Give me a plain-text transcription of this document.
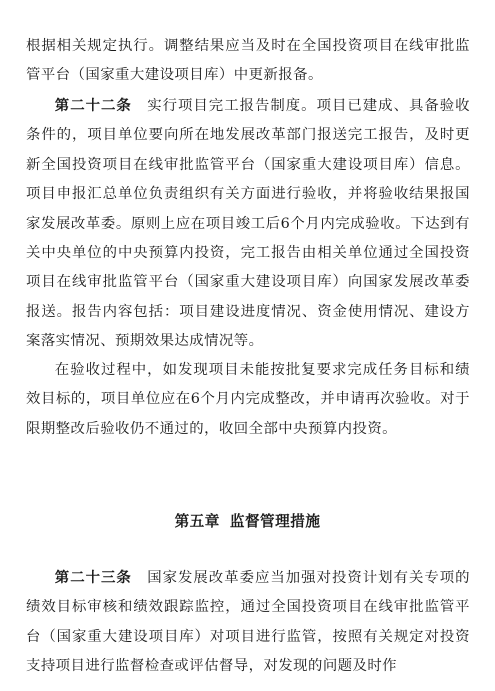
根据相关规定执行。调整结果应当及时在全国投资项目在线审批监管平台（国家重大建设项目库）中更新报备。

第二十二条　 实行项目完工报告制度。项目已建成、具备验收条件的，项目单位要向所在地发展改革部门报送完工报告，及时更新全国投资项目在线审批监管平台（国家重大建设项目库）信息。项目申报汇总单位负责组织有关方面进行验收，并将验收结果报国家发展改革委。原则上应在项目竣工后6个月内完成验收。下达到有关中央单位的中央预算内投资，完工报告由相关单位通过全国投资项目在线审批监管平台（国家重大建设项目库）向国家发展改革委报送。报告内容包括：项目建设进度情况、资金使用情况、建设方案落实情况、预期效果达成情况等。

在验收过程中，如发现项目未能按批复要求完成任务目标和绩效目标的，项目单位应在6个月内完成整改，并申请再次验收。对于限期整改后验收仍不通过的，收回全部中央预算内投资。

第五章 监督管理措施

第二十三条　 国家发展改革委应当加强对投资计划有关专项的绩效目标审核和绩效跟踪监控，通过全国投资项目在线审批监管平台（国家重大建设项目库）对项目进行监管，按照有关规定对投资支持项目进行监督检查或评估督导，对发现的问题及时作
